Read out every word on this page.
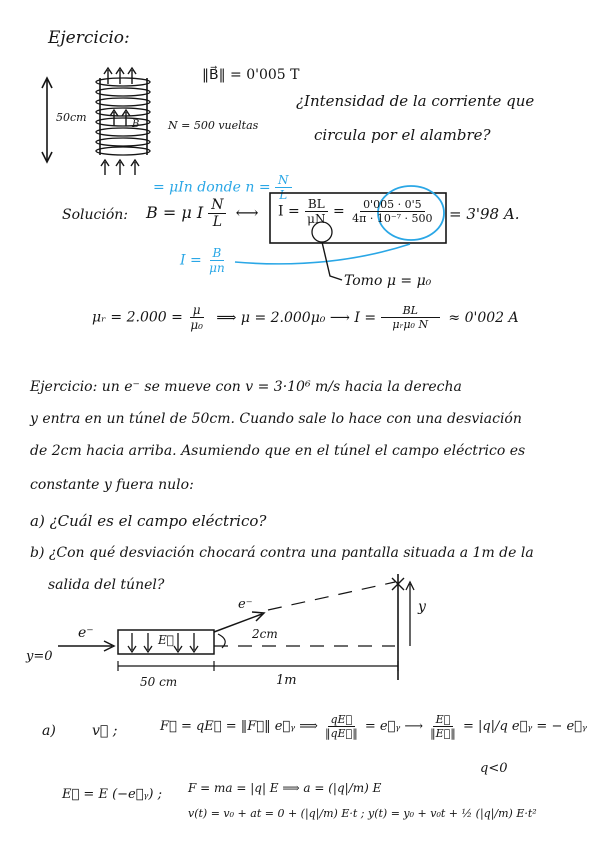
Ejercicio:
B
50cm
‖B⃗‖ = 0'005 T
N = 500 vueltas
¿Intensidad de la corriente que
circula por el alambre?
= μIn donde $n = \frac{N}{L}$
Solución: B = μ I $\frac{N}{L}$ ⟷ $I = \frac{BL}{\mu N} = \frac{0'005 \cdot 0'5}{\text{4π · 10⁻⁷ · 500}} = 3'98$ A.
$I = \frac{B}{\mu n}$
Tomo μ = μ₀
μᵣ = $2.000 = \frac{\mu}{\text{μ₀}}$ ⟹ μ = 2.000μ₀ ⟶ $I = \frac{BL}{\text{μᵣμ₀ N}} \approx 0'002$ A
Ejercicio: un e⁻ se mueve con v = 3·10⁶ m/s hacia la derecha
y entra en un túnel de 50cm. Cuando sale lo hace con una desviación
de 2cm hacia arriba. Asumiendo que en el túnel el campo eléctrico es
constante y fuera nulo:
a) ¿Cuál es el campo eléctrico?
b) ¿Con qué desviación chocará contra una pantalla situada a 1m de la
salida del túnel?
y=0
e⁻	E⃗
e⁻
2cm
y
50 cm	1m
a)	v⃗ ;	F⃗ = qE⃗ = ‖F⃗‖ e⃗ᵧ ⟹ $\frac{qE⃗}{‖qE⃗‖}$ = e⃗ᵧ ⟶ $\frac{E⃗}{‖E⃗‖} = |q|/q$ e⃗ᵧ = − e⃗ᵧ
q<0
E⃗ = E (−e⃗ᵧ) ; F = ma = |q| E ⟹ a = (|q|/m) E
v(t) = v₀ + at = 0 + (|q|/m) E·t ; y(t) = y₀ + v₀t + ½ (|q|/m) E·t²
